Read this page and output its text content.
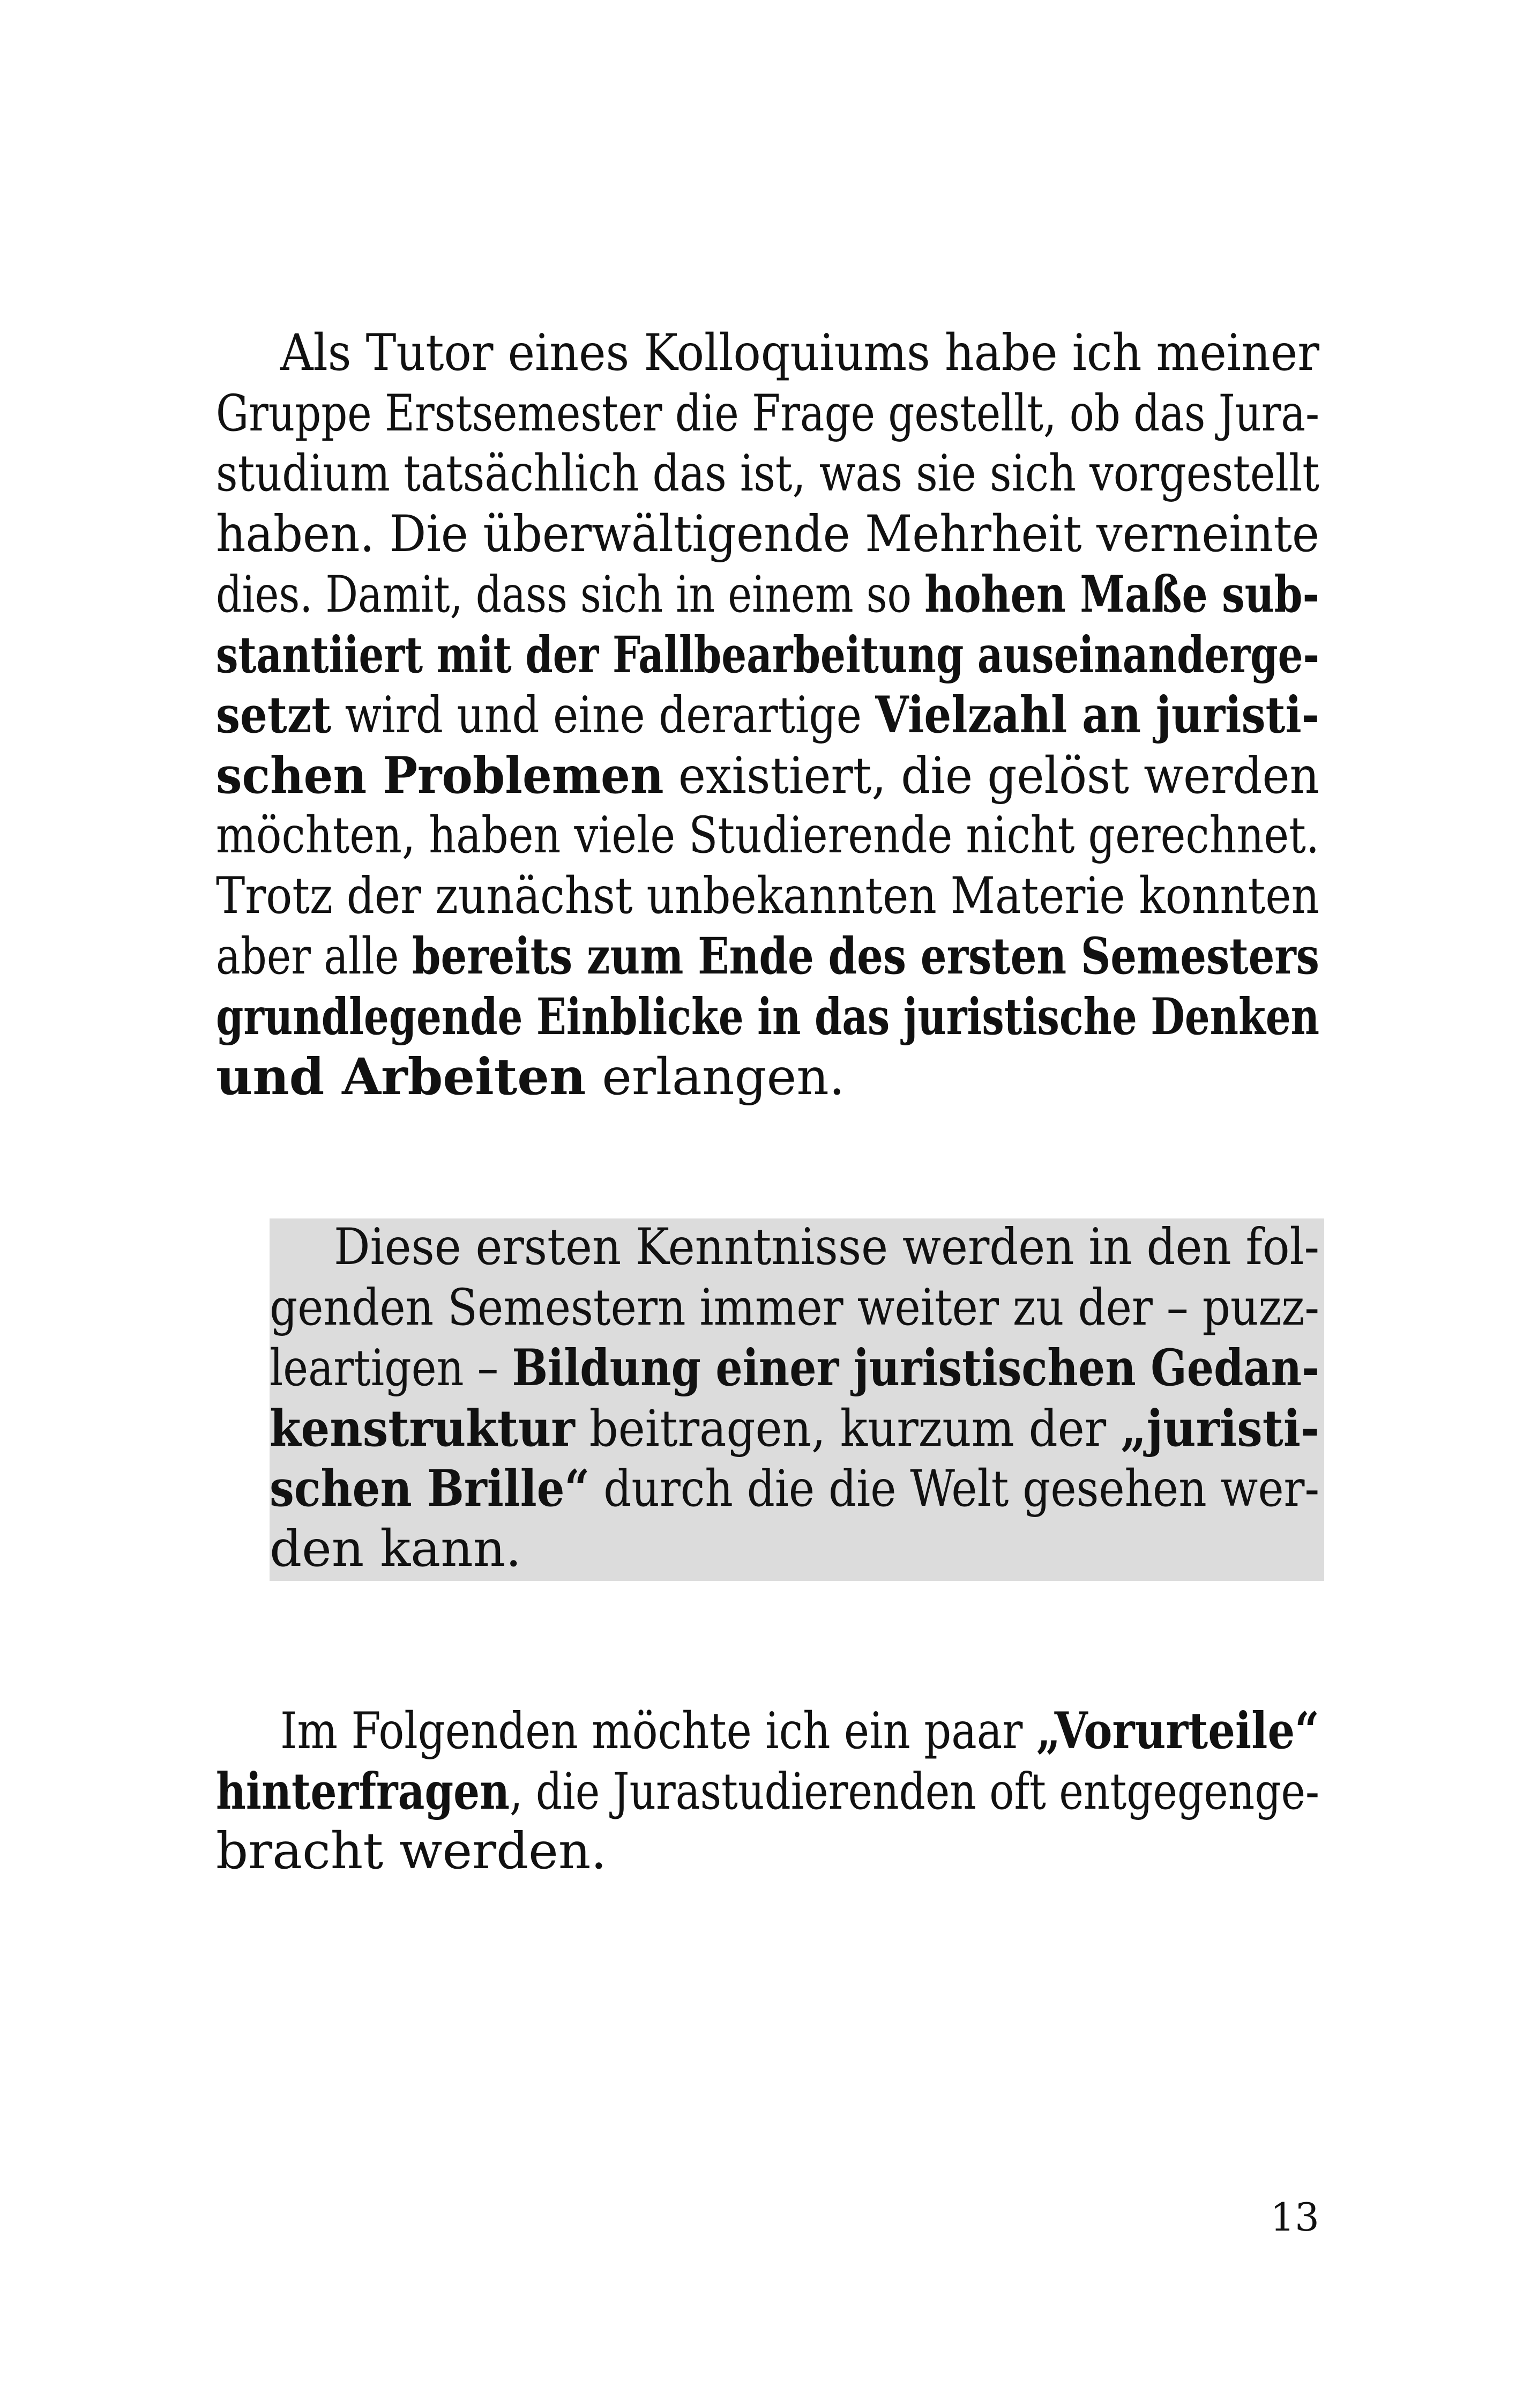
Als Tutor eines Kolloquiums habe ich meiner
Gruppe Erstsemester die Frage gestellt, ob das Jura-
studium tatsächlich das ist, was sie sich vorgestellt
haben. Die überwältigende Mehrheit verneinte
dies. Damit, dass sich in einem so hohen Maße sub-
stantiiert mit der Fallbearbeitung auseinanderge-
setzt wird und eine derartige Vielzahl an juristi-
schen Problemen existiert, die gelöst werden
möchten, haben viele Studierende nicht gerechnet.
Trotz der zunächst unbekannten Materie konnten
aber alle bereits zum Ende des ersten Semesters
grundlegende Einblicke in das juristische Denken
und Arbeiten erlangen.
Diese ersten Kenntnisse werden in den fol-
genden Semestern immer weiter zu der – puzz-
leartigen – Bildung einer juristischen Gedan-
kenstruktur beitragen, kurzum der „juristi-
schen Brille“ durch die die Welt gesehen wer-
den kann.
Im Folgenden möchte ich ein paar „Vorurteile“
hinterfragen, die Jurastudierenden oft entgegenge-
bracht werden.
13
